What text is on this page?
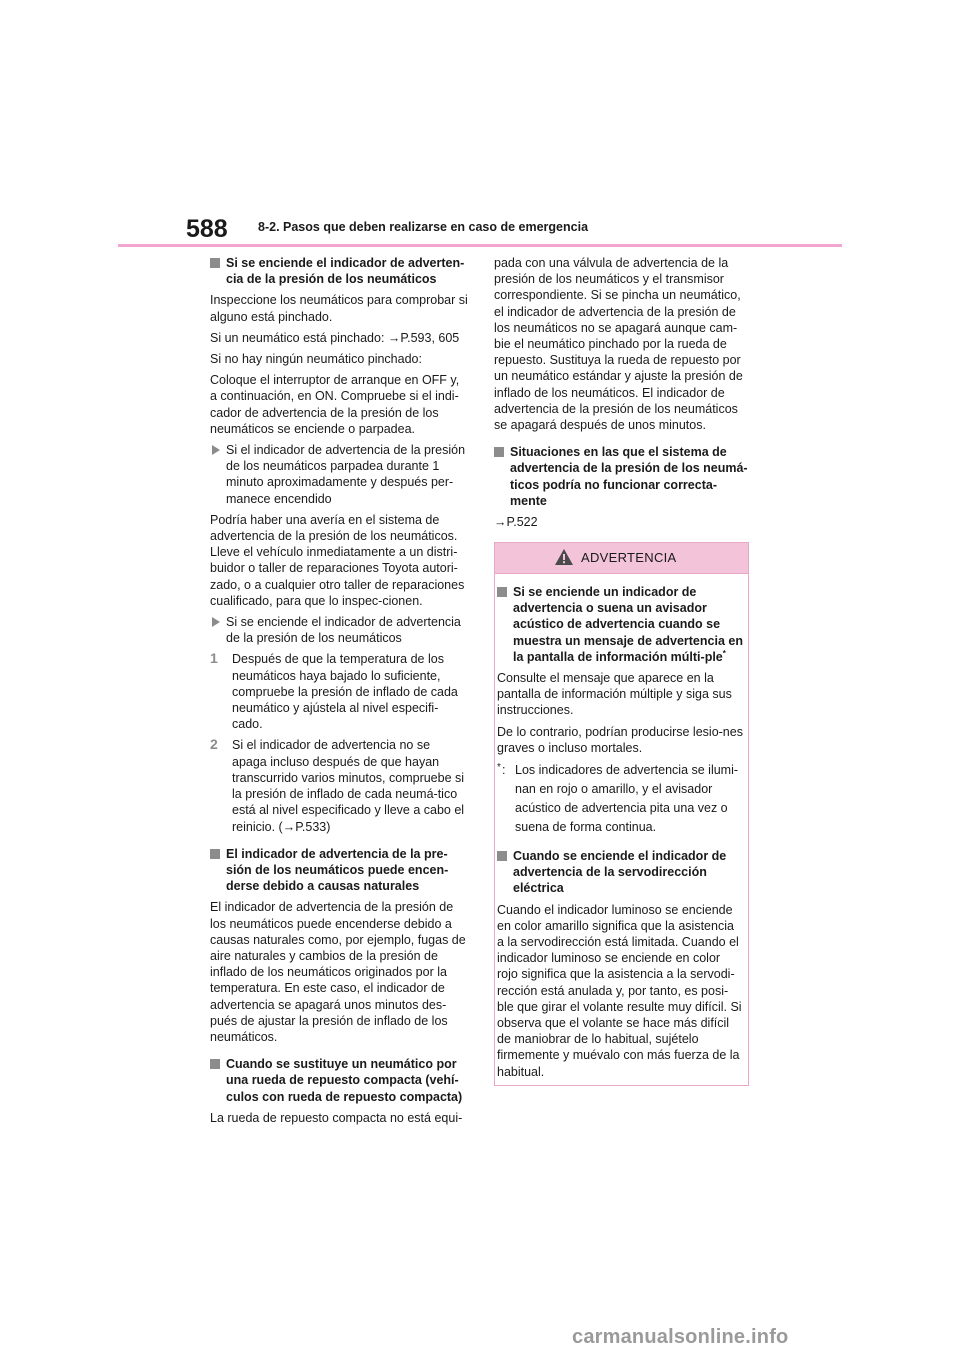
588 8-2. Pasos que deben realizarse en caso de emergencia
Si se enciende el indicador de adverten-cia de la presión de los neumáticos

Inspeccione los neumáticos para comprobar si alguno está pinchado.

Si un neumático está pinchado: →P.593, 605

Si no hay ningún neumático pinchado:

Coloque el interruptor de arranque en OFF y, a continuación, en ON. Compruebe si el indi-cador de advertencia de la presión de los neumáticos se enciende o parpadea.

Si el indicador de advertencia de la presión de los neumáticos parpadea durante 1 minuto aproximadamente y después per-manece encendido

Podría haber una avería en el sistema de advertencia de la presión de los neumáticos. Lleve el vehículo inmediatamente a un distri-buidor o taller de reparaciones Toyota autori-zado, o a cualquier otro taller de reparaciones cualificado, para que lo inspec-cionen.

Si se enciende el indicador de advertencia de la presión de los neumáticos
1 Después de que la temperatura de los neumáticos haya bajado lo suficiente, compruebe la presión de inflado de cada neumático y ajústela al nivel especifi-cado.
2 Si el indicador de advertencia no se apaga incluso después de que hayan transcurrido varios minutos, compruebe si la presión de inflado de cada neumá-tico está al nivel especificado y lleve a cabo el reinicio. (→P.533)
El indicador de advertencia de la pre-sión de los neumáticos puede encen-derse debido a causas naturales

El indicador de advertencia de la presión de los neumáticos puede encenderse debido a causas naturales como, por ejemplo, fugas de aire naturales y cambios de la presión de inflado de los neumáticos originados por la temperatura. En este caso, el indicador de advertencia se apagará unos minutos des-pués de ajustar la presión de inflado de los neumáticos.

Cuando se sustituye un neumático por una rueda de repuesto compacta (vehí-culos con rueda de repuesto compacta)

La rueda de repuesto compacta no está equi-

pada con una válvula de advertencia de la presión de los neumáticos y el transmisor correspondiente. Si se pincha un neumático, el indicador de advertencia de la presión de los neumáticos no se apagará aunque cam-bie el neumático pinchado por la rueda de repuesto. Sustituya la rueda de repuesto por un neumático estándar y ajuste la presión de inflado de los neumáticos. El indicador de advertencia de la presión de los neumáticos se apagará después de unos minutos.

Situaciones en las que el sistema de advertencia de la presión de los neumá-ticos podría no funcionar correcta-mente

→P.522

ADVERTENCIA
Si se enciende un indicador de advertencia o suena un avisador acústico de advertencia cuando se muestra un mensaje de advertencia en la pantalla de información múlti-ple*

Consulte el mensaje que aparece en la pantalla de información múltiple y siga sus instrucciones.

De lo contrario, podrían producirse lesio-nes graves o incluso mortales.

* : Los indicadores de advertencia se ilumi-nan en rojo o amarillo, y el avisador acústico de advertencia pita una vez o suena de forma continua.
Cuando se enciende el indicador de advertencia de la servodirección eléctrica

Cuando el indicador luminoso se enciende en color amarillo significa que la asistencia a la servodirección está limitada. Cuando el indicador luminoso se enciende en color rojo significa que la asistencia a la servodi-rección está anulada y, por tanto, es posi-ble que girar el volante resulte muy difícil. Si observa que el volante se hace más difícil de maniobrar de lo habitual, sujételo firmemente y muévalo con más fuerza de la habitual.

carmanualsonline.info
